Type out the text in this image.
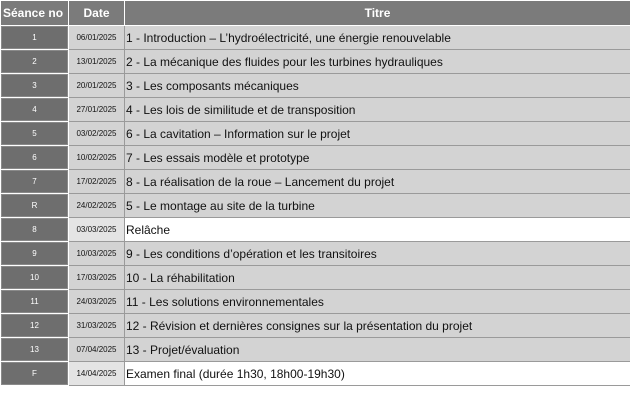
Séance no	Date	Titre
1	06/01/2025	1 - Introduction – L’hydroélectricité, une énergie renouvelable
2	13/01/2025	2 - La mécanique des fluides pour les turbines hydrauliques
3	20/01/2025	3 - Les composants mécaniques
4	27/01/2025	4 - Les lois de similitude et de transposition
5	03/02/2025	6 - La cavitation – Information sur le projet
6	10/02/2025	7 - Les essais modèle et prototype
7	17/02/2025	8 - La réalisation de la roue – Lancement du projet
R	24/02/2025	5 - Le montage au site de la turbine
8	03/03/2025	Relâche
9	10/03/2025	9 - Les conditions d’opération et les transitoires
10	17/03/2025	10 - La réhabilitation
11	24/03/2025	11 - Les solutions environnementales
12	31/03/2025	12 - Révision et dernières consignes sur la présentation du projet
13	07/04/2025	13 - Projet/évaluation
F	14/04/2025	Examen final (durée 1h30, 18h00-19h30)
